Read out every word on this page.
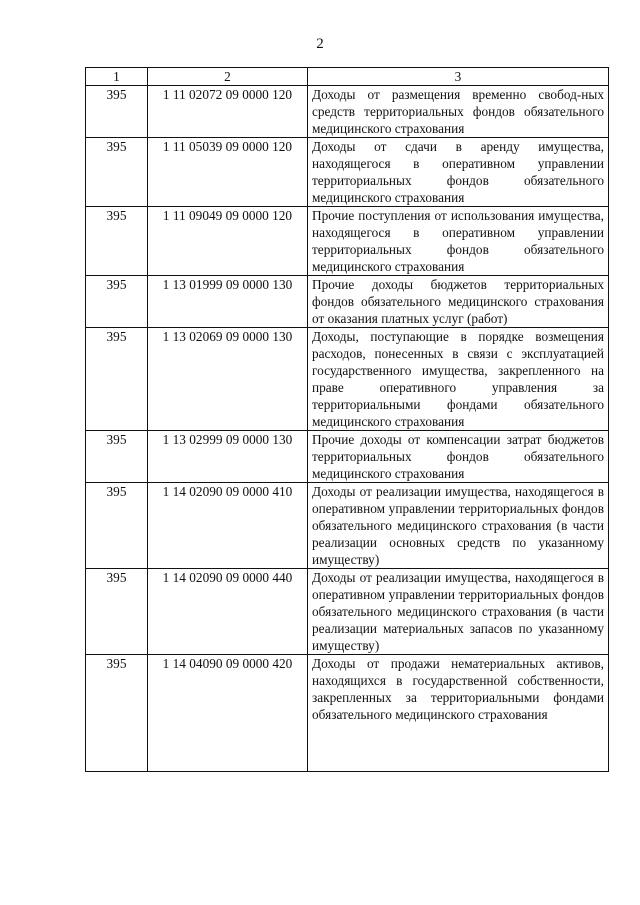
2
1	2	3
395	1 11 02072 09 0000 120	Доходы от размещения временно свобод-ных средств территориальных фондов обязательного медицинского страхования
395	1 11 05039 09 0000 120	Доходы от сдачи в аренду имущества, находящегося в оперативном управлении территориальных фондов обязательного медицинского страхования
395	1 11 09049 09 0000 120	Прочие поступления от использования имущества, находящегося в оперативном управлении территориальных фондов обязательного медицинского страхования
395	1 13 01999 09 0000 130	Прочие доходы бюджетов территориальных фондов обязательного медицинского страхования от оказания платных услуг (работ)
395	1 13 02069 09 0000 130	Доходы, поступающие в порядке возмещения расходов, понесенных в связи с эксплуатацией государственного имущества, закрепленного на праве оперативного управления за территориальными фондами обязательного медицинского страхования
395	1 13 02999 09 0000 130	Прочие доходы от компенсации затрат бюджетов территориальных фондов обязательного медицинского страхования
395	1 14 02090 09 0000 410	Доходы от реализации имущества, находящегося в оперативном управлении территориальных фондов обязательного медицинского страхования (в части реализации основных средств по указанному имуществу)
395	1 14 02090 09 0000 440	Доходы от реализации имущества, находящегося в оперативном управлении территориальных фондов обязательного медицинского страхования (в части реализации материальных запасов по указанному имуществу)
395	1 14 04090 09 0000 420	Доходы от продажи нематериальных активов, находящихся в государственной собственности, закрепленных за территориальными фондами обязательного медицинского страхования
